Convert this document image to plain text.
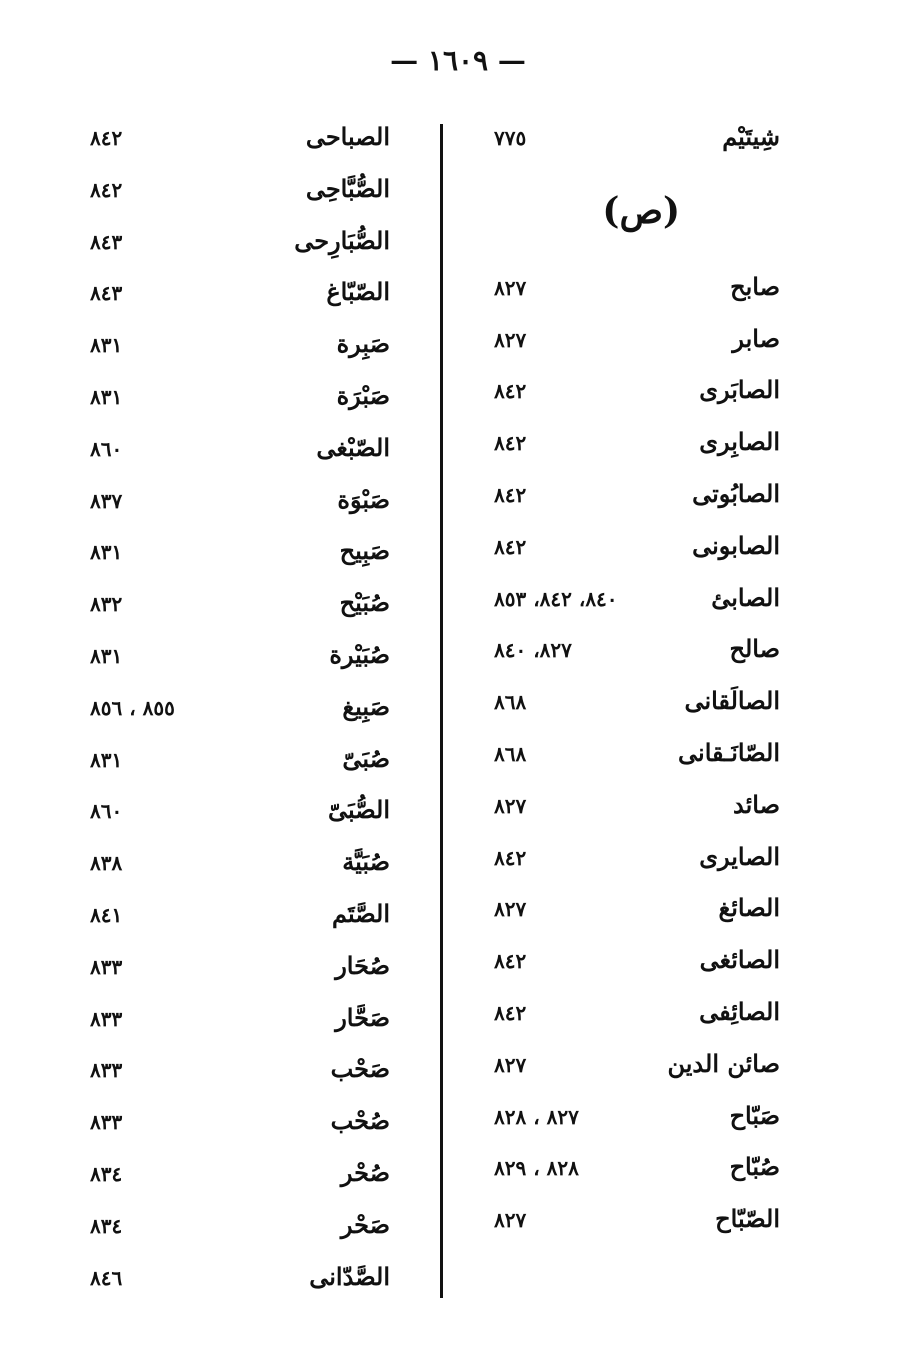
— ١٦٠٩ —
شِيتَيْم
٧٧٥
(ص)
صابح
٨٢٧
صابر
٨٢٧
الصابَرى
٨٤٢
الصابِرى
٨٤٢
الصابُوتى
٨٤٢
الصابونى
٨٤٢
الصابئ
٨٤٠، ٨٤٢، ٨٥٣
صالح
٨٢٧، ٨٤٠
الصالَقانى
٨٦٨
الصّانَـقانى
٨٦٨
صائد
٨٢٧
الصايرى
٨٤٢
الصائغ
٨٢٧
الصائغى
٨٤٢
الصائِفى
٨٤٢
صائن الدين
٨٢٧
صَبّاح
٨٢٧ ، ٨٢٨
صُبّاح
٨٢٨ ، ٨٢٩
الصّبّاح
٨٢٧
الصباحى
٨٤٢
الصُّبَّاحِى
٨٤٢
الصُّبَارِحى
٨٤٣
الصّبّاغ
٨٤٣
صَبِرة
٨٣١
صَبْرَة
٨٣١
الصّبْغى
٨٦٠
صَبْوَة
٨٣٧
صَبِيح
٨٣١
صُبَيْح
٨٣٢
صُبَيْرة
٨٣١
صَبِيغ
٨٥٥ ، ٨٥٦
صُبَىّ
٨٣١
الصُّبَىّ
٨٦٠
صُبَيَّة
٨٣٨
الصَّتَم
٨٤١
صُحَار
٨٣٣
صَحَّار
٨٣٣
صَحْب
٨٣٣
صُحْب
٨٣٣
صُحْر
٨٣٤
صَحْر
٨٣٤
الصَّدّانى
٨٤٦
